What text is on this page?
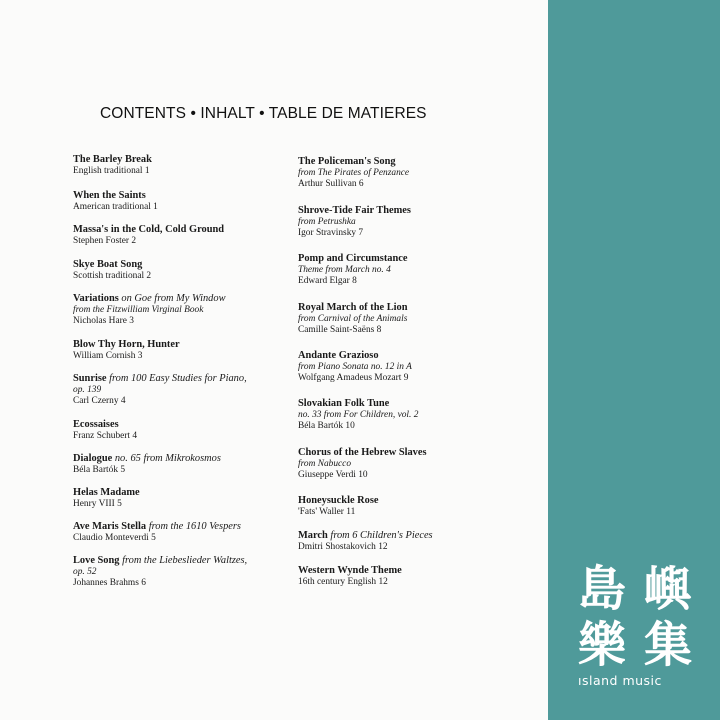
CONTENTS • INHALT • TABLE DE MATIERES
The Barley Break
English traditional 1
When the Saints
American traditional 1
Massa's in the Cold, Cold Ground
Stephen Foster 2
Skye Boat Song
Scottish traditional 2
Variations on Goe from My Window
from the Fitzwilliam Virginal Book
Nicholas Hare 3
Blow Thy Horn, Hunter
William Cornish 3
Sunrise from 100 Easy Studies for Piano,
op. 139
Carl Czerny 4
Ecossaises
Franz Schubert 4
Dialogue no. 65 from Mikrokosmos
Béla Bartók 5
Helas Madame
Henry VIII 5
Ave Maris Stella from the 1610 Vespers
Claudio Monteverdi 5
Love Song from the Liebeslieder Waltzes,
op. 52
Johannes Brahms 6
The Policeman's Song
from The Pirates of Penzance
Arthur Sullivan 6
Shrove-Tide Fair Themes
from Petrushka
Igor Stravinsky 7
Pomp and Circumstance
Theme from March no. 4
Edward Elgar 8
Royal March of the Lion
from Carnival of the Animals
Camille Saint-Saëns 8
Andante Grazioso
from Piano Sonata no. 12 in A
Wolfgang Amadeus Mozart 9
Slovakian Folk Tune
no. 33 from For Children, vol. 2
Béla Bartók 10
Chorus of the Hebrew Slaves
from Nabucco
Giuseppe Verdi 10
Honeysuckle Rose
'Fats' Waller 11
March from 6 Children's Pieces
Dmitri Shostakovich 12
Western Wynde Theme
16th century English 12	島 嶼
樂 集
ısland music
